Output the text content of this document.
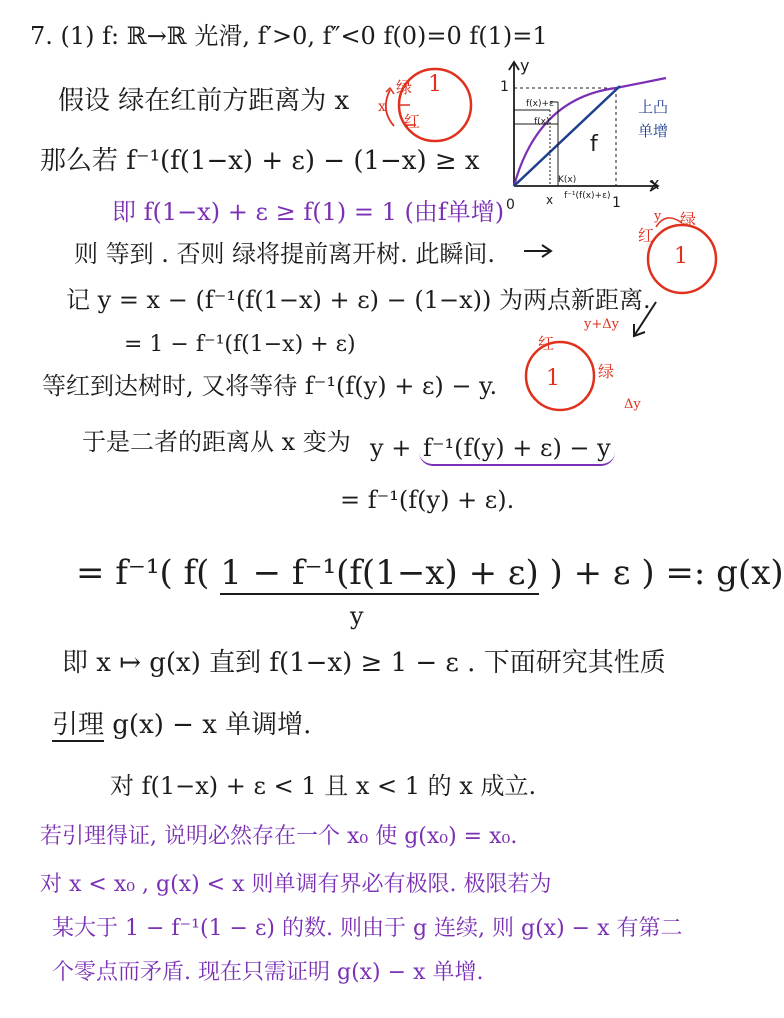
7. (1) f: ℝ→ℝ 光滑, f′>0, f″<0 f(0)=0 f(1)=1
假设 绿在红前方距离为 x
1
绿
红
x
y
x
1
1
0	x
f(x)+ε
f(x)
K(x)
f⁻¹(f(x)+ε)
f
上凸
单增
那么若 f⁻¹(f(1−x) + ε) − (1−x) ≥ x
即 f(1−x) + ε ≥ f(1) = 1 (由f单增)
则 等到 . 否则 绿将提前离开树. 此瞬间.	1
红
绿
y
记 y = x − (f⁻¹(f(1−x) + ε) − (1−x)) 为两点新距离.
= 1 − f⁻¹(f(1−x) + ε)
1
红
绿
y+Δy
Δy
等红到达树时, 又将等待 f⁻¹(f(y) + ε) − y.
于是二者的距离从 x 变为 y + f⁻¹(f(y) + ε) − y
= f⁻¹(f(y) + ε).
= f⁻¹( f( 1 − f⁻¹(f(1−x) + ε) ) + ε ) =: g(x)
y
即 x ↦ g(x) 直到 f(1−x) ≥ 1 − ε . 下面研究其性质
引理 g(x) − x 单调增.
对 f(1−x) + ε < 1 且 x < 1 的 x 成立.
若引理得证, 说明必然存在一个 x₀ 使 g(x₀) = x₀.
对 x < x₀ , g(x) < x 则单调有界必有极限. 极限若为
某大于 1 − f⁻¹(1 − ε) 的数. 则由于 g 连续, 则 g(x) − x 有第二
个零点而矛盾. 现在只需证明 g(x) − x 单增.
